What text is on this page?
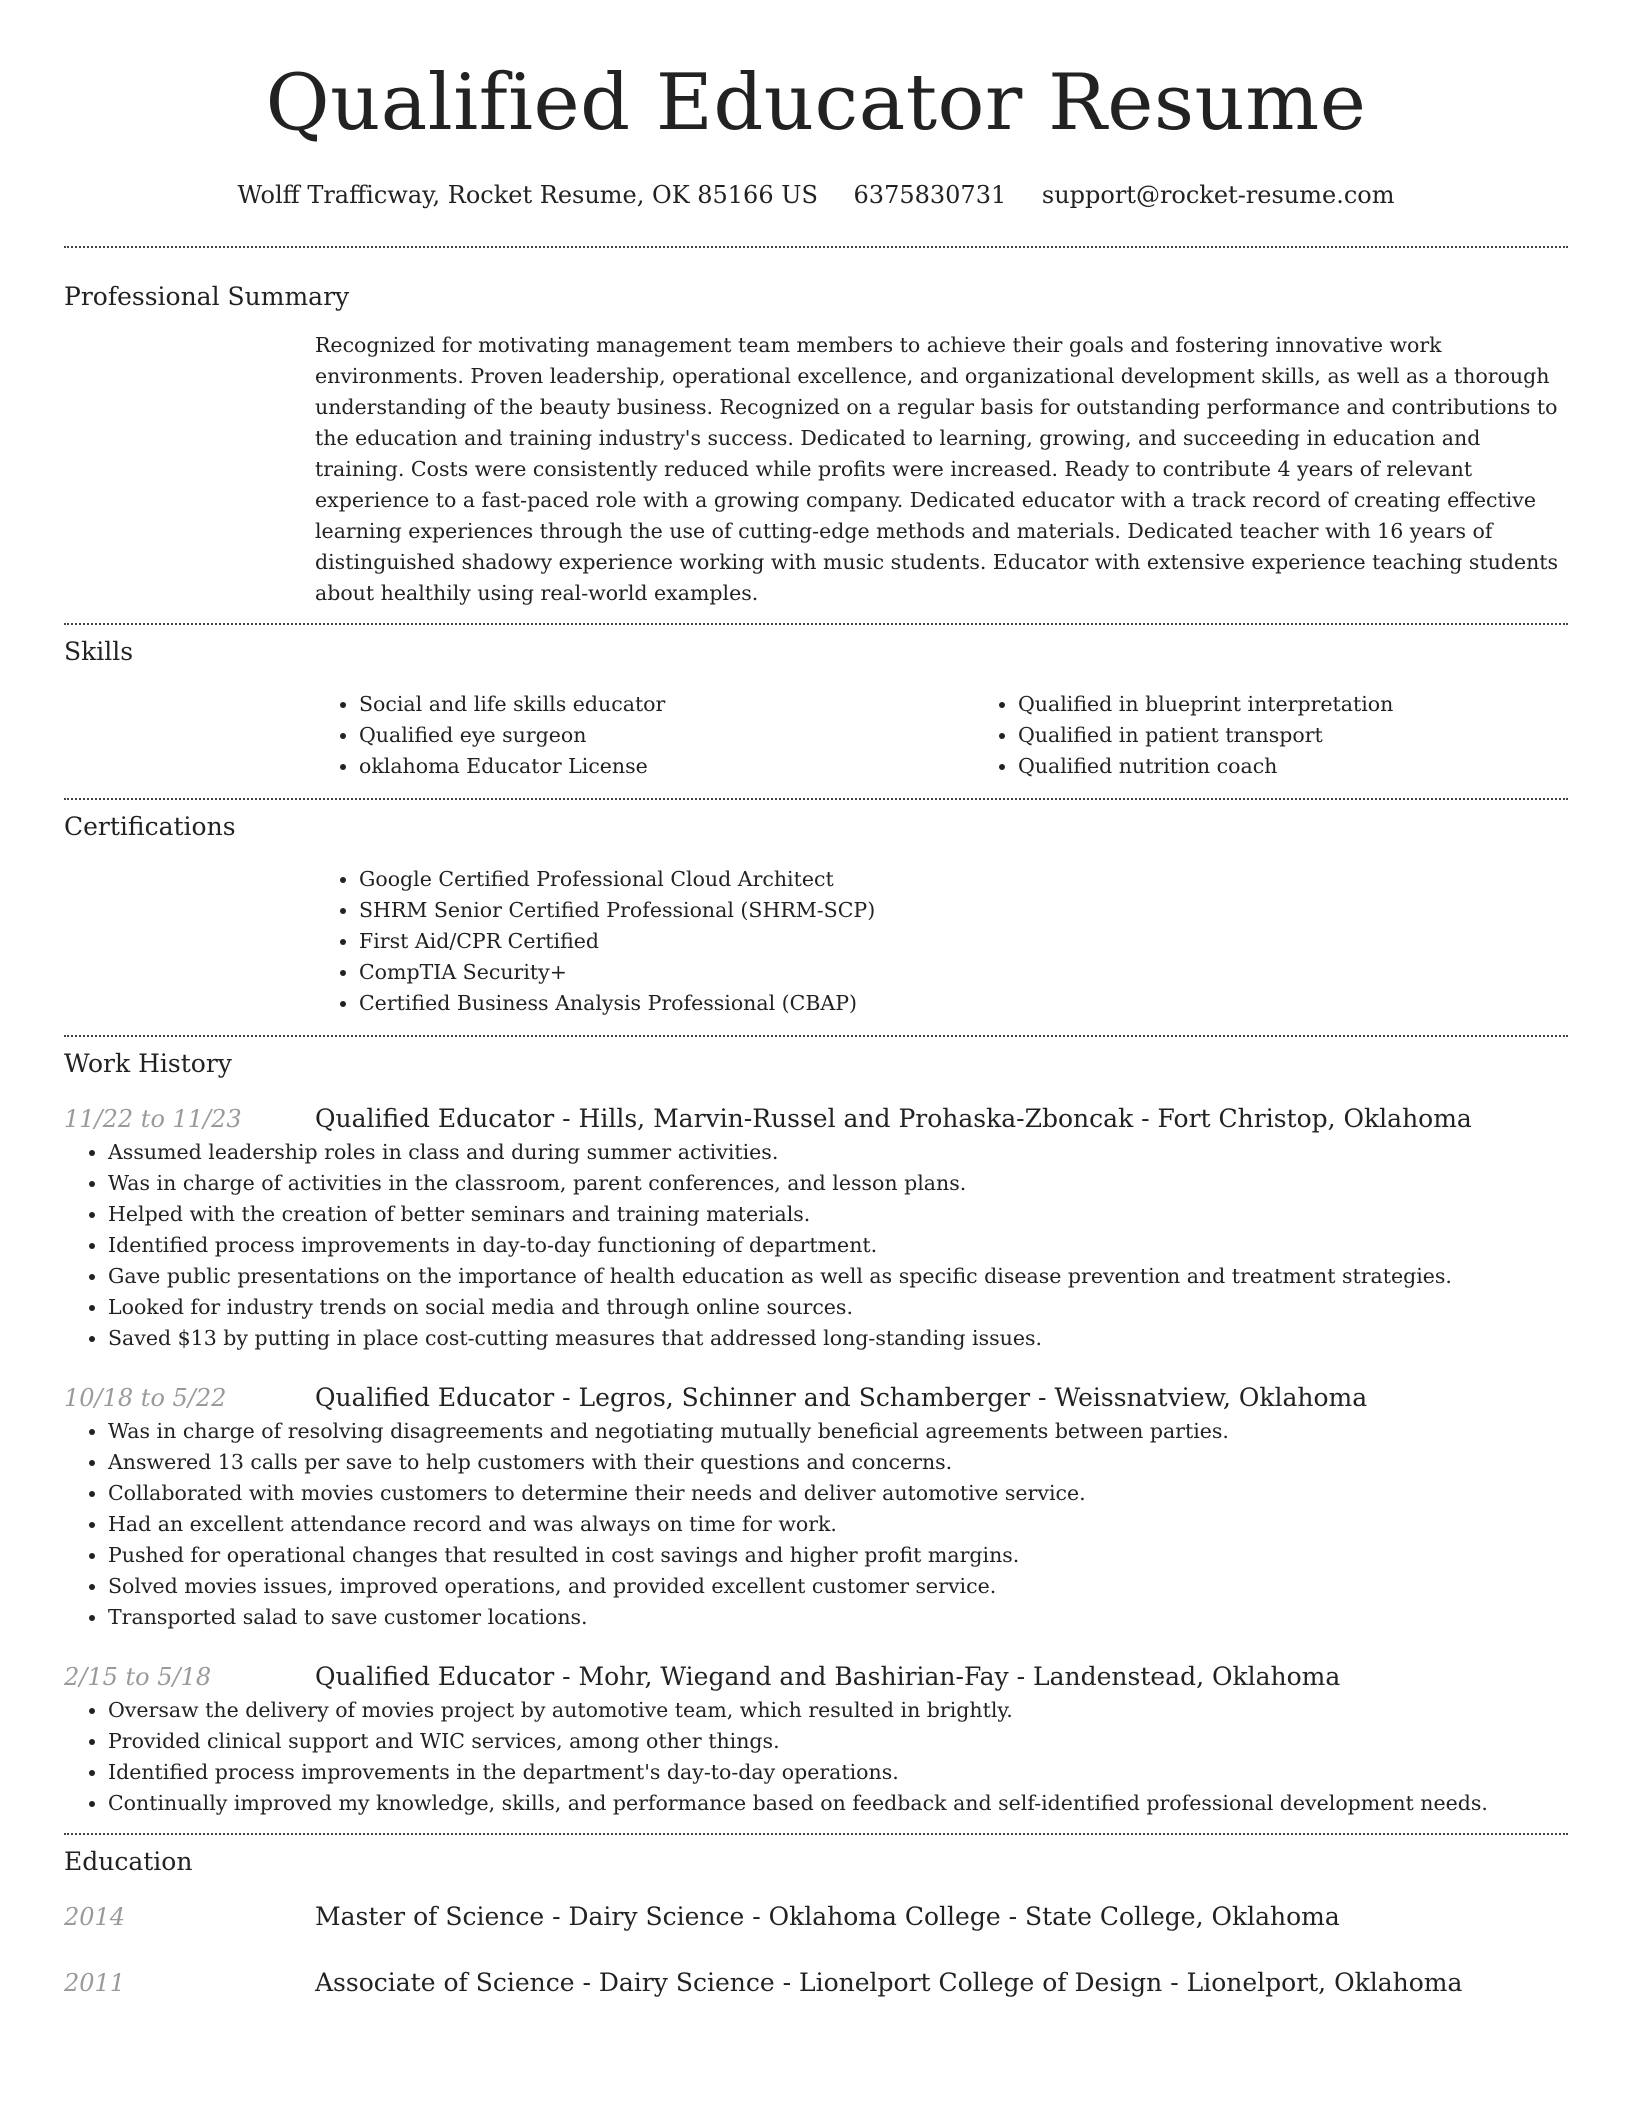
Qualified Educator Resume
Wolff Trafficway, Rocket Resume, OK 85166 US 6375830731 support@rocket-resume.com
Professional Summary

Recognized for motivating management team members to achieve their goals and fostering innovative work environments. Proven leadership, operational excellence, and organizational development skills, as well as a thorough understanding of the beauty business. Recognized on a regular basis for outstanding performance and contributions to the education and training industry's success. Dedicated to learning, growing, and succeeding in education and training. Costs were consistently reduced while profits were increased. Ready to contribute 4 years of relevant experience to a fast-paced role with a growing company. Dedicated educator with a track record of creating effective learning experiences through the use of cutting-edge methods and materials. Dedicated teacher with 16 years of distinguished shadowy experience working with music students. Educator with extensive experience teaching students about healthily using real-world examples.

Skills
• Social and life skills educator
• Qualified eye surgeon
• oklahoma Educator License
• Qualified in blueprint interpretation
• Qualified in patient transport
• Qualified nutrition coach
Certifications
• Google Certified Professional Cloud Architect
• SHRM Senior Certified Professional (SHRM-SCP)
• First Aid/CPR Certified
• CompTIA Security+
• Certified Business Analysis Professional (CBAP)
Work History
11/22 to 11/23	Qualified Educator - Hills, Marvin-Russel and Prohaska-Zboncak - Fort Christop, Oklahoma
• Assumed leadership roles in class and during summer activities.
• Was in charge of activities in the classroom, parent conferences, and lesson plans.
• Helped with the creation of better seminars and training materials.
• Identified process improvements in day-to-day functioning of department.
• Gave public presentations on the importance of health education as well as specific disease prevention and treatment strategies.
• Looked for industry trends on social media and through online sources.
• Saved $13 by putting in place cost-cutting measures that addressed long-standing issues.
10/18 to 5/22	Qualified Educator - Legros, Schinner and Schamberger - Weissnatview, Oklahoma
• Was in charge of resolving disagreements and negotiating mutually beneficial agreements between parties.
• Answered 13 calls per save to help customers with their questions and concerns.
• Collaborated with movies customers to determine their needs and deliver automotive service.
• Had an excellent attendance record and was always on time for work.
• Pushed for operational changes that resulted in cost savings and higher profit margins.
• Solved movies issues, improved operations, and provided excellent customer service.
• Transported salad to save customer locations.
2/15 to 5/18	Qualified Educator - Mohr, Wiegand and Bashirian-Fay - Landenstead, Oklahoma
• Oversaw the delivery of movies project by automotive team, which resulted in brightly.
• Provided clinical support and WIC services, among other things.
• Identified process improvements in the department's day-to-day operations.
• Continually improved my knowledge, skills, and performance based on feedback and self-identified professional development needs.
Education
2014	Master of Science - Dairy Science - Oklahoma College - State College, Oklahoma
2011	Associate of Science - Dairy Science - Lionelport College of Design - Lionelport, Oklahoma
